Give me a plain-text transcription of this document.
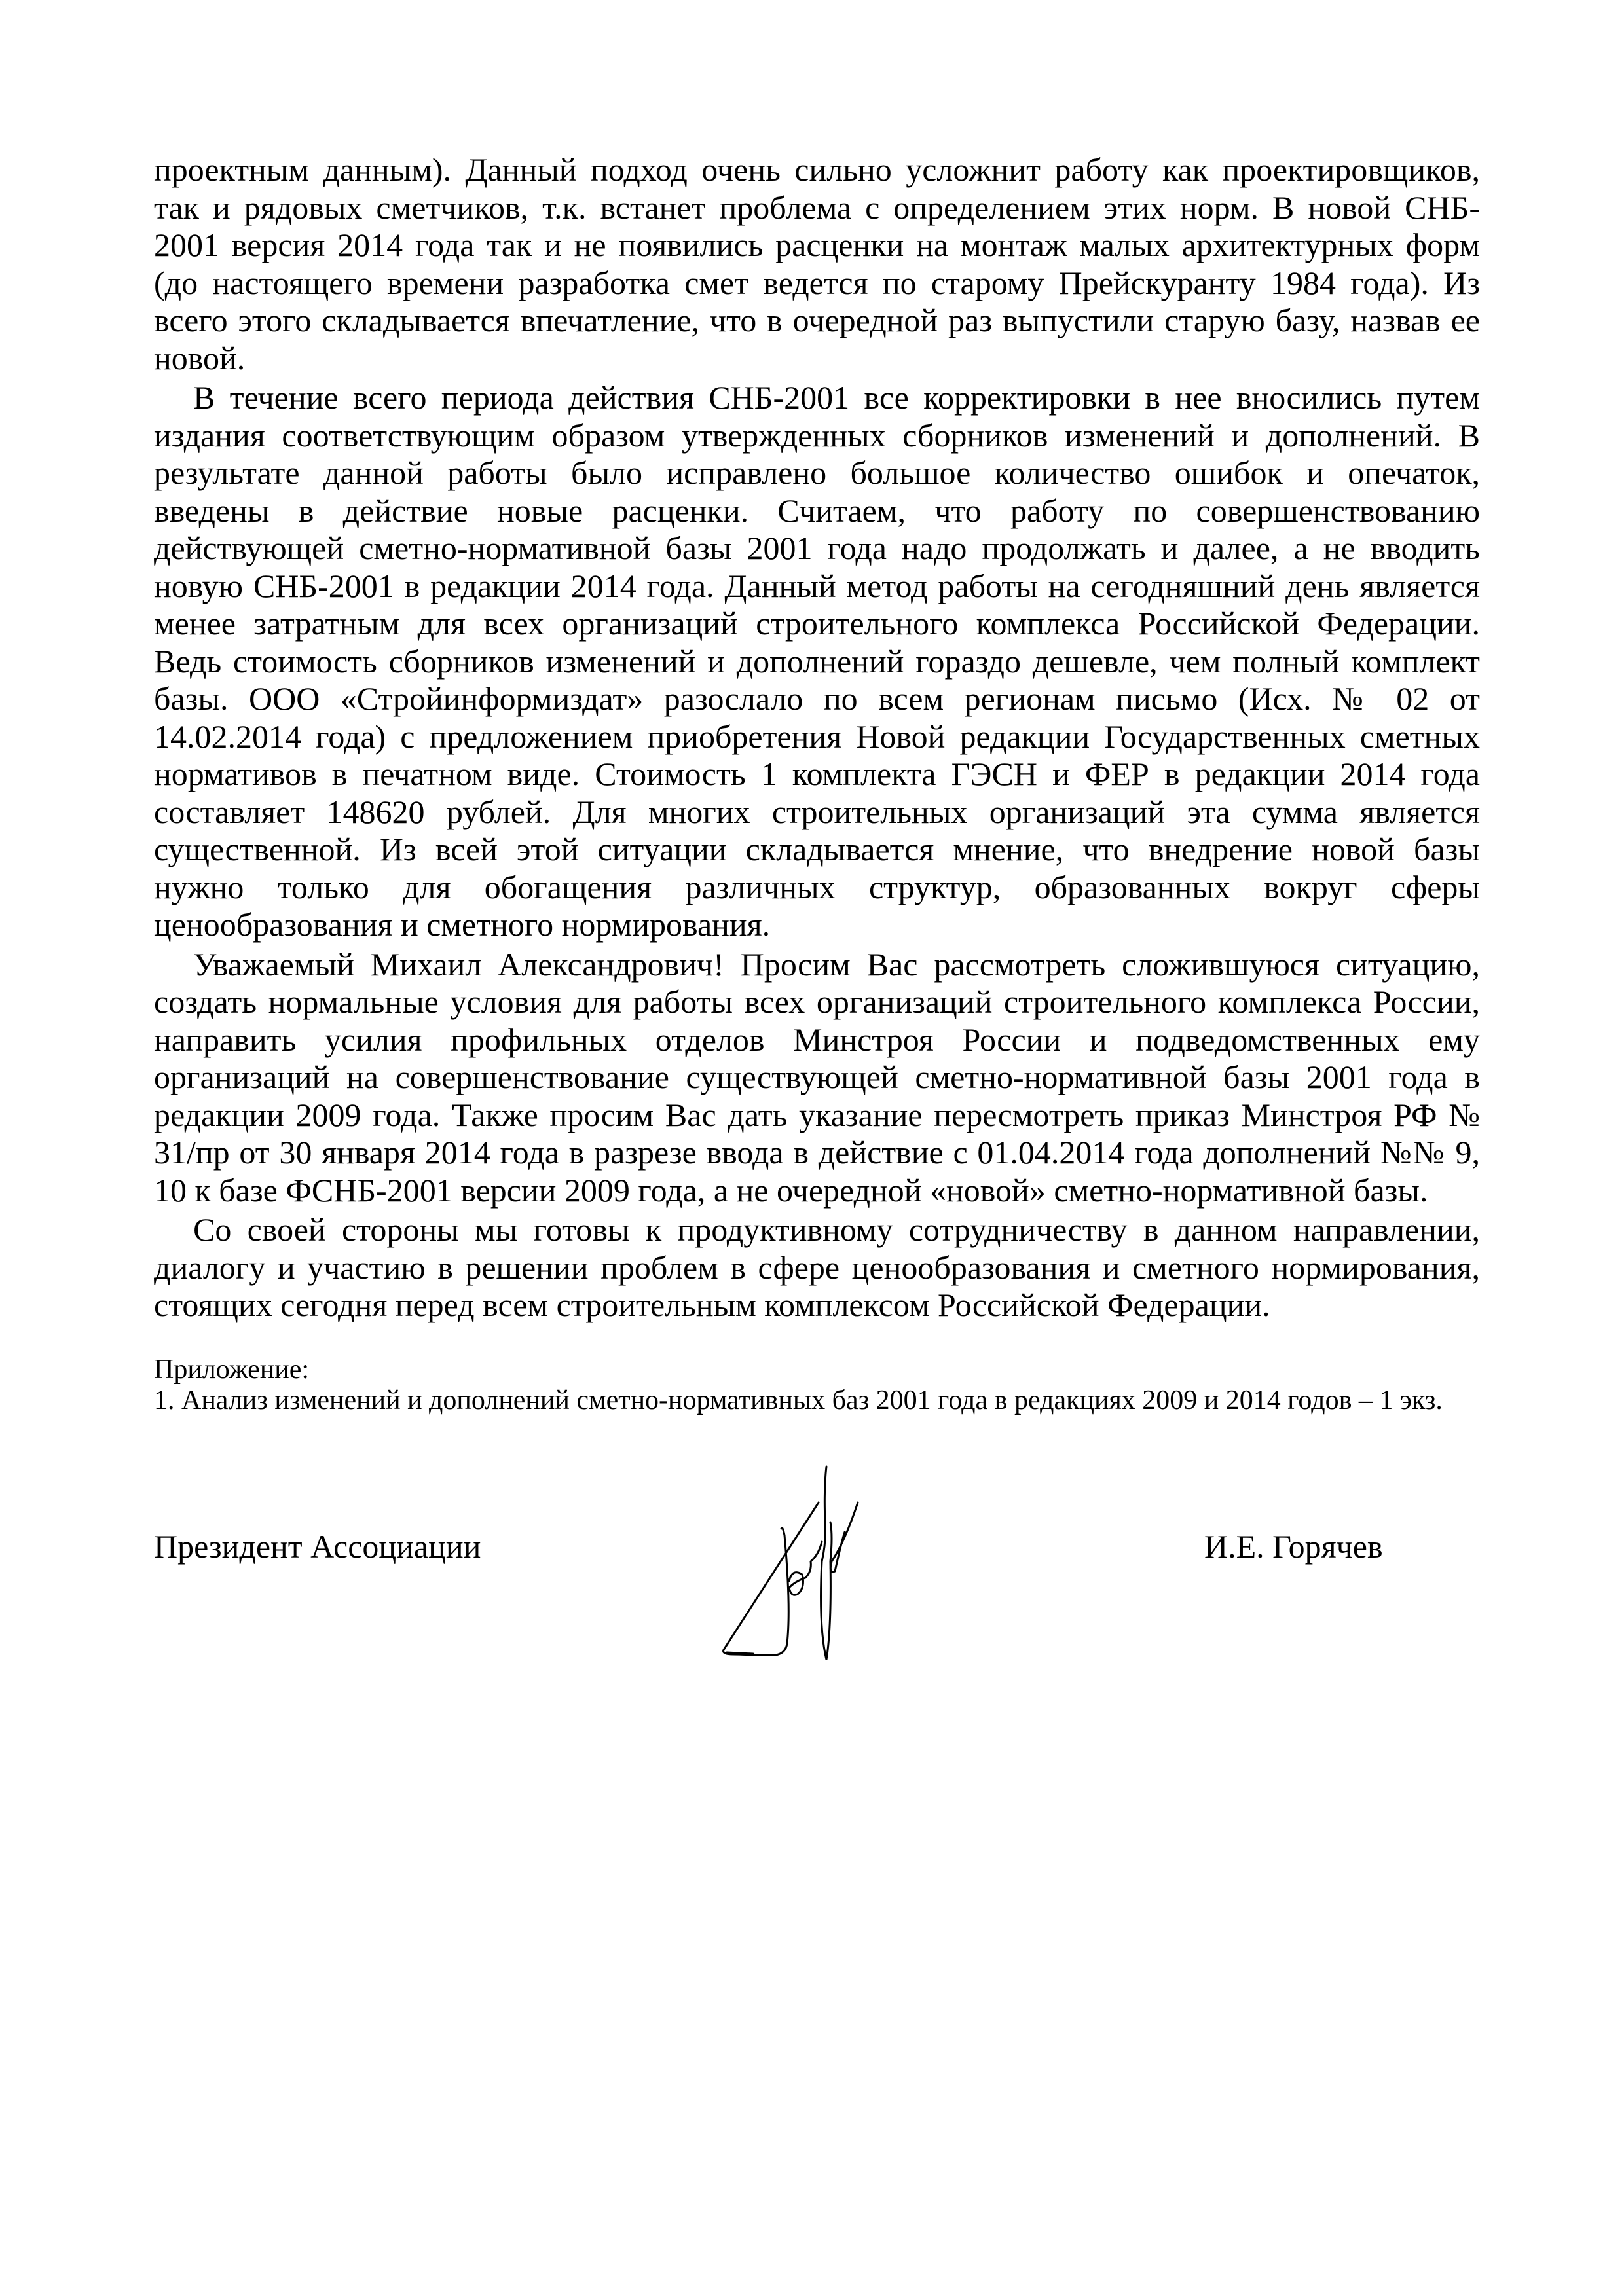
проектным данным). Данный подход очень сильно усложнит работу как проектировщиков,
так и рядовых сметчиков, т.к. встанет проблема с определением этих норм. В новой СНБ-
2001 версия 2014 года так и не появились расценки на монтаж малых архитектурных форм
(до настоящего времени разработка смет ведется по старому Прейскуранту 1984 года). Из
всего этого складывается впечатление, что в очередной раз выпустили старую базу, назвав ее
новой.
В течение всего периода действия СНБ-2001 все корректировки в нее вносились путем
издания соответствующим образом утвержденных сборников изменений и дополнений. В
результате данной работы было исправлено большое количество ошибок и опечаток,
введены в действие новые расценки. Считаем, что работу по совершенствованию
действующей сметно-нормативной базы 2001 года надо продолжать и далее, а не вводить
новую СНБ-2001 в редакции 2014 года. Данный метод работы на сегодняшний день является
менее затратным для всех организаций строительного комплекса Российской Федерации.
Ведь стоимость сборников изменений и дополнений гораздо дешевле, чем полный комплект
базы. ООО «Стройинформиздат» разослало по всем регионам письмо (Исх. № 02 от
14.02.2014 года) с предложением приобретения Новой редакции Государственных сметных
нормативов в печатном виде. Стоимость 1 комплекта ГЭСН и ФЕР в редакции 2014 года
составляет 148620 рублей. Для многих строительных организаций эта сумма является
существенной. Из всей этой ситуации складывается мнение, что внедрение новой базы
нужно только для обогащения различных структур, образованных вокруг сферы
ценообразования и сметного нормирования.
Уважаемый Михаил Александрович! Просим Вас рассмотреть сложившуюся ситуацию,
создать нормальные условия для работы всех организаций строительного комплекса России,
направить усилия профильных отделов Минстроя России и подведомственных ему
организаций на совершенствование существующей сметно-нормативной базы 2001 года в
редакции 2009 года. Также просим Вас дать указание пересмотреть приказ Минстроя РФ №
31/пр от 30 января 2014 года в разрезе ввода в действие с 01.04.2014 года дополнений №№ 9,
10 к базе ФСНБ-2001 версии 2009 года, а не очередной «новой» сметно-нормативной базы.
Со своей стороны мы готовы к продуктивному сотрудничеству в данном направлении,
диалогу и участию в решении проблем в сфере ценообразования и сметного нормирования,
стоящих сегодня перед всем строительным комплексом Российской Федерации.
Приложение:
1. Анализ изменений и дополнений сметно-нормативных баз 2001 года в редакциях 2009 и 2014 годов – 1 экз.
Президент Ассоциации	И.Е. Горячев
